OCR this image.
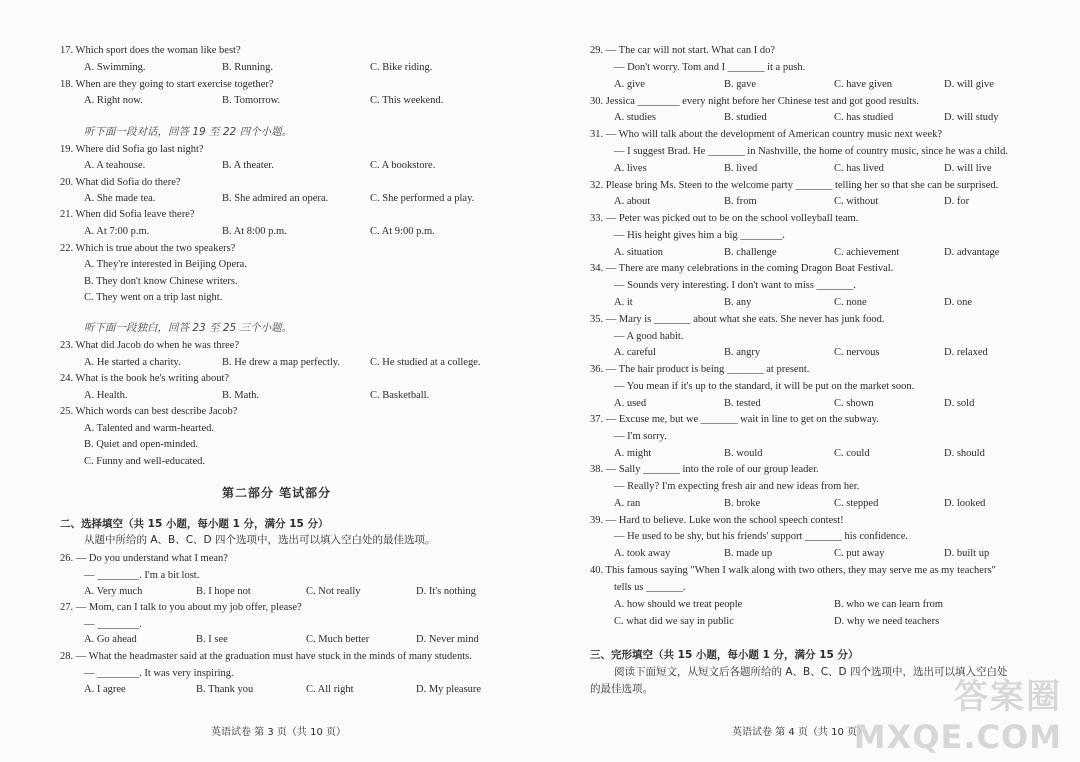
17. Which sport does the woman like best?
A. Swimming.	B. Running.	C. Bike riding.
18. When are they going to start exercise together?
A. Right now.	B. Tomorrow.	C. This weekend.
听下面一段对话，回答 19 至 22 四个小题。
19. Where did Sofia go last night?
A. A teahouse.	B. A theater.	C. A bookstore.
20. What did Sofia do there?
A. She made tea.	B. She admired an opera.	C. She performed a play.
21. When did Sofia leave there?
A. At 7:00 p.m.	B. At 8:00 p.m.	C. At 9:00 p.m.
22. Which is true about the two speakers?
A. They're interested in Beijing Opera.
B. They don't know Chinese writers.
C. They went on a trip last night.
听下面一段独白，回答 23 至 25 三个小题。
23. What did Jacob do when he was three?
A. He started a charity.	B. He drew a map perfectly.	C. He studied at a college.
24. What is the book he's writing about?
A. Health.	B. Math.	C. Basketball.
25. Which words can best describe Jacob?
A. Talented and warm-hearted.
B. Quiet and open-minded.
C. Funny and well-educated.
二、选择填空（共 15 小题，每小题 1 分，满分 15 分）
从题中所给的 A、B、C、D 四个选项中，选出可以填入空白处的最佳选项。
26. — Do you understand what I mean?
— ________. I'm a bit lost.
A. Very much	B. I hope not	C. Not really	D. It's nothing
27. — Mom, can I talk to you about my job offer, please?
— ________.
A. Go ahead	B. I see	C. Much better	D. Never mind
28. — What the headmaster said at the graduation must have stuck in the minds of many students.
— ________. It was very inspiring.
A. I agree	B. Thank you	C. All right	D. My pleasure
第二部分 笔试部分
英语试卷 第 3 页（共 10 页）
29. — The car will not start. What can I do?
— Don't worry. Tom and I _______ it a push.
A. give	B. gave	C. have given	D. will give
30. Jessica ________ every night before her Chinese test and got good results.
A. studies	B. studied	C. has studied	D. will study
31. — Who will talk about the development of American country music next week?
— I suggest Brad. He _______ in Nashville, the home of country music, since he was a child.
A. lives	B. lived	C. has lived	D. will live
32. Please bring Ms. Steen to the welcome party _______ telling her so that she can be surprised.
A. about	B. from	C. without	D. for
33. — Peter was picked out to be on the school volleyball team.
— His height gives him a big ________.
A. situation	B. challenge	C. achievement	D. advantage
34. — There are many celebrations in the coming Dragon Boat Festival.
— Sounds very interesting. I don't want to miss _______.
A. it	B. any	C. none	D. one
35. — Mary is _______ about what she eats. She never has junk food.
— A good habit.
A. careful	B. angry	C. nervous	D. relaxed
36. — The hair product is being _______ at present.
— You mean if it's up to the standard, it will be put on the market soon.
A. used	B. tested	C. shown	D. sold
37. — Excuse me, but we _______ wait in line to get on the subway.
— I'm sorry.
A. might	B. would	C. could	D. should
38. — Sally _______ into the role of our group leader.
— Really? I'm expecting fresh air and new ideas from her.
A. ran	B. broke	C. stepped	D. looked
39. — Hard to believe. Luke won the school speech contest!
— He used to be shy, but his friends' support _______ his confidence.
A. took away	B. made up	C. put away	D. built up
40. This famous saying "When I walk along with two others, they may serve me as my teachers"
tells us _______.
A. how should we treat people	B. who we can learn from
C. what did we say in public	D. why we need teachers
三、完形填空（共 15 小题，每小题 1 分，满分 15 分）
阅读下面短文，从短文后各题所给的 A、B、C、D 四个选项中，选出可以填入空白处
的最佳选项。
英语试卷 第 4 页（共 10 页）
答案圈
MXQE.COM
